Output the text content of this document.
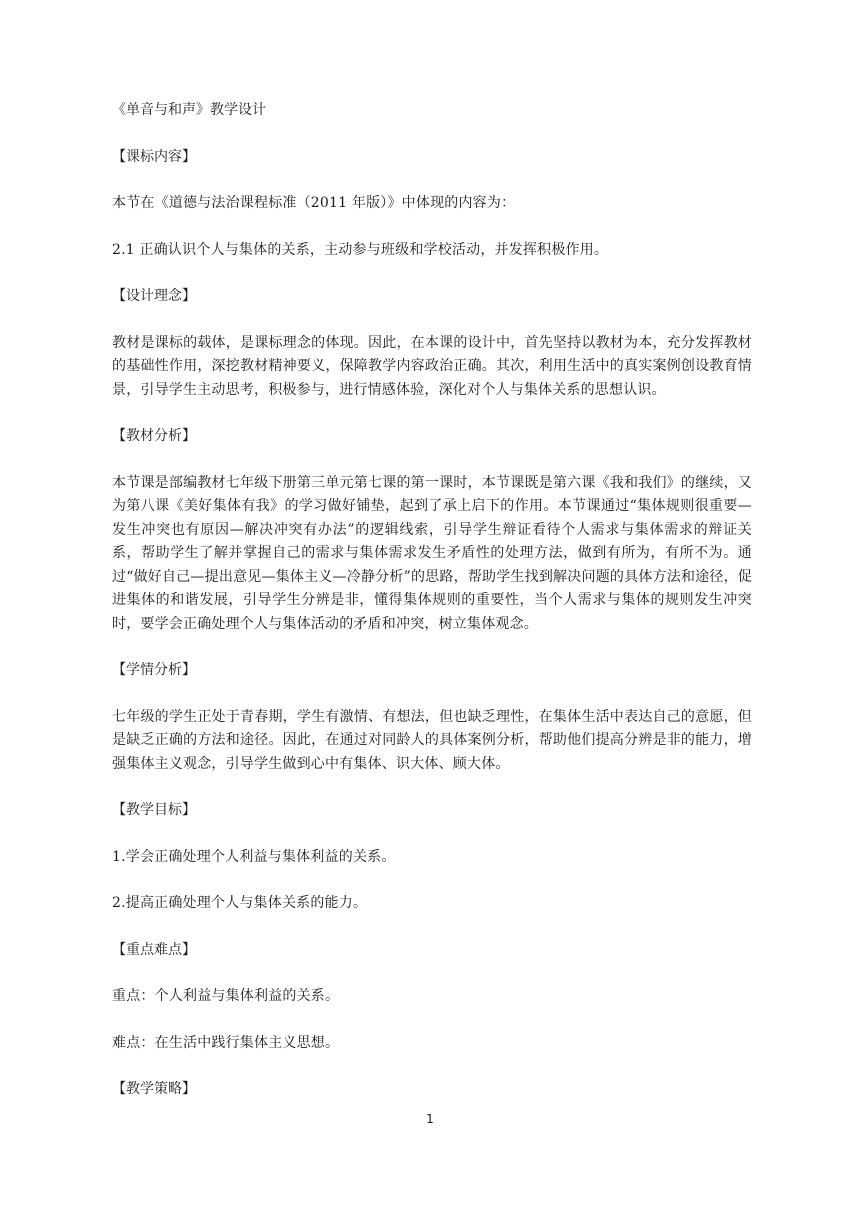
《单音与和声》教学设计

【课标内容】

本节在《道德与法治课程标准（2011 年版）》中体现的内容为：

2.1 正确认识个人与集体的关系，主动参与班级和学校活动，并发挥积极作用。

【设计理念】

教材是课标的载体，是课标理念的体现。因此，在本课的设计中，首先坚持以教材为本，充分发挥教材的基础性作用，深挖教材精神要义，保障教学内容政治正确。其次，利用生活中的真实案例创设教育情景，引导学生主动思考，积极参与，进行情感体验，深化对个人与集体关系的思想认识。

【教材分析】

本节课是部编教材七年级下册第三单元第七课的第一课时，本节课既是第六课《我和我们》的继续，又为第八课《美好集体有我》的学习做好铺垫，起到了承上启下的作用。本节课通过“集体规则很重要—发生冲突也有原因—解决冲突有办法”的逻辑线索，引导学生辩证看待个人需求与集体需求的辩证关系，帮助学生了解并掌握自己的需求与集体需求发生矛盾性的处理方法，做到有所为，有所不为。通过“做好自己—提出意见—集体主义—冷静分析”的思路，帮助学生找到解决问题的具体方法和途径，促进集体的和谐发展，引导学生分辨是非，懂得集体规则的重要性，当个人需求与集体的规则发生冲突时，要学会正确处理个人与集体活动的矛盾和冲突，树立集体观念。

【学情分析】

七年级的学生正处于青春期，学生有激情、有想法，但也缺乏理性，在集体生活中表达自己的意愿，但是缺乏正确的方法和途径。因此，在通过对同龄人的具体案例分析，帮助他们提高分辨是非的能力，增强集体主义观念，引导学生做到心中有集体、识大体、顾大体。

【教学目标】

1.学会正确处理个人利益与集体利益的关系。

2.提高正确处理个人与集体关系的能力。

【重点难点】

重点：个人利益与集体利益的关系。

难点：在生活中践行集体主义思想。

【教学策略】

1
